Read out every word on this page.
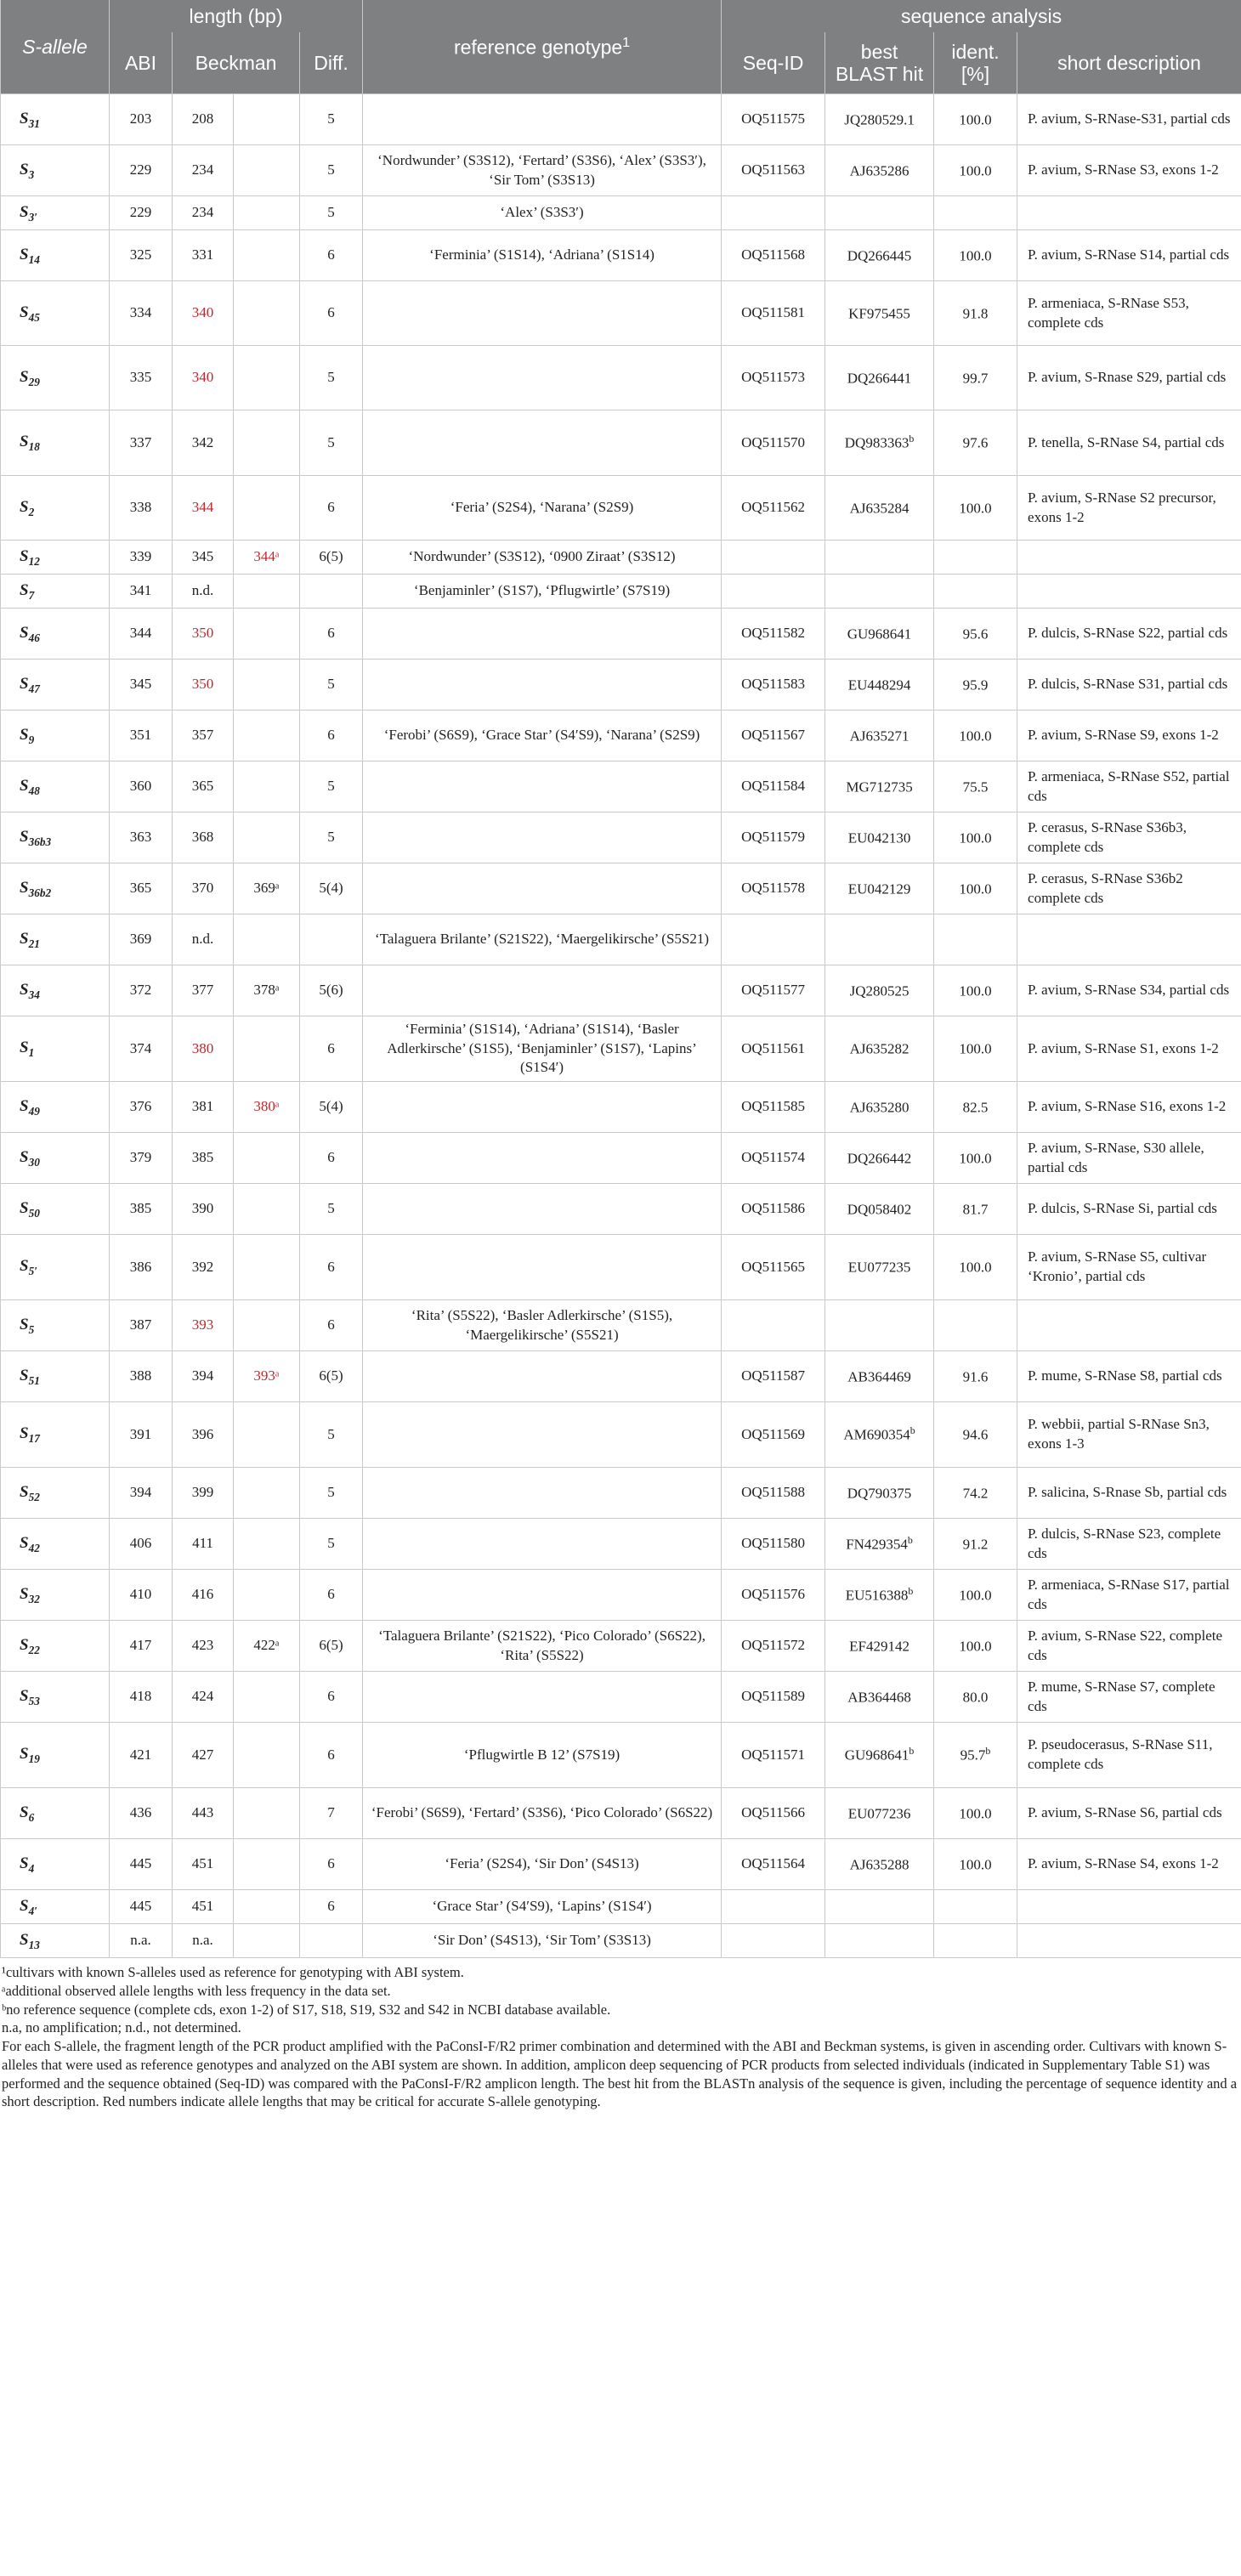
S-allele	length (bp)				reference genotype$^1$	sequence analysis			
	ABI	Beckman		Diff.		Seq-ID	best BLAST hit	ident. [%]	short description
$S_{31}$	203	208		5		OQ511575	JQ280529.1	100.0	P. avium, S-RNase-S31, partial cds
$S_3$	229	234		5	‘Nordwunder’ (S3S12), ‘Fertard’ (S3S6), ‘Alex’ (S3S3′), ‘Sir Tom’ (S3S13)	OQ511563	AJ635286	100.0	P. avium, S-RNase S3, exons 1-2
$S_{3'}$	229	234		5	‘Alex’ (S3S3′)				
$S_{14}$	325	331		6	‘Ferminia’ (S1S14), ‘Adriana’ (S1S14)	OQ511568	DQ266445	100.0	P. avium, S-RNase S14, partial cds
$S_{45}$	334	340		6		OQ511581	KF975455	91.8	P. armeniaca, S-RNase S53, complete cds
$S_{29}$	335	340		5		OQ511573	DQ266441	99.7	P. avium, S-Rnase S29, partial cds
$S_{18}$	337	342		5		OQ511570	DQ983363$^b$	97.6	P. tenella, S-RNase S4, partial cds
$S_2$	338	344		6	‘Feria’ (S2S4), ‘Narana’ (S2S9)	OQ511562	AJ635284	100.0	P. avium, S-RNase S2 precursor, exons 1-2
$S_{12}$	339	345	344ᵃ	6(5)	‘Nordwunder’ (S3S12), ‘0900 Ziraat’ (S3S12)				
$S_7$	341	n.d.			‘Benjaminler’ (S1S7), ‘Pflugwirtle’ (S7S19)				
$S_{46}$	344	350		6		OQ511582	GU968641	95.6	P. dulcis, S-RNase S22, partial cds
$S_{47}$	345	350		5		OQ511583	EU448294	95.9	P. dulcis, S-RNase S31, partial cds
$S_9$	351	357		6	‘Ferobi’ (S6S9), ‘Grace Star’ (S4′S9), ‘Narana’ (S2S9)	OQ511567	AJ635271	100.0	P. avium, S-RNase S9, exons 1-2
$S_{48}$	360	365		5		OQ511584	MG712735	75.5	P. armeniaca, S-RNase S52, partial cds
$S_{36b3}$	363	368		5		OQ511579	EU042130	100.0	P. cerasus, S-RNase S36b3, complete cds
$S_{36b2}$	365	370	369ᵃ	5(4)		OQ511578	EU042129	100.0	P. cerasus, S-RNase S36b2 complete cds
$S_{21}$	369	n.d.			‘Talaguera Brilante’ (S21S22), ‘Maergelikirsche’ (S5S21)				
$S_{34}$	372	377	378ᵃ	5(6)		OQ511577	JQ280525	100.0	P. avium, S-RNase S34, partial cds
$S_1$	374	380		6	‘Ferminia’ (S1S14), ‘Adriana’ (S1S14), ‘Basler Adlerkirsche’ (S1S5), ‘Benjaminler’ (S1S7), ‘Lapins’ (S1S4′)	OQ511561	AJ635282	100.0	P. avium, S-RNase S1, exons 1-2
$S_{49}$	376	381	380ᵃ	5(4)		OQ511585	AJ635280	82.5	P. avium, S-RNase S16, exons 1-2
$S_{30}$	379	385		6		OQ511574	DQ266442	100.0	P. avium, S-RNase, S30 allele, partial cds
$S_{50}$	385	390		5		OQ511586	DQ058402	81.7	P. dulcis, S-RNase Si, partial cds
$S_{5'}$	386	392		6		OQ511565	EU077235	100.0	P. avium, S-RNase S5, cultivar ‘Kronio’, partial cds
$S_5$	387	393		6	‘Rita’ (S5S22), ‘Basler Adlerkirsche’ (S1S5), ‘Maergelikirsche’ (S5S21)				
$S_{51}$	388	394	393ᵃ	6(5)		OQ511587	AB364469	91.6	P. mume, S-RNase S8, partial cds
$S_{17}$	391	396		5		OQ511569	AM690354$^b$	94.6	P. webbii, partial S-RNase Sn3, exons 1-3
$S_{52}$	394	399		5		OQ511588	DQ790375	74.2	P. salicina, S-Rnase Sb, partial cds
$S_{42}$	406	411		5		OQ511580	FN429354$^b$	91.2	P. dulcis, S-RNase S23, complete cds
$S_{32}$	410	416		6		OQ511576	EU516388$^b$	100.0	P. armeniaca, S-RNase S17, partial cds
$S_{22}$	417	423	422ᵃ	6(5)	‘Talaguera Brilante’ (S21S22), ‘Pico Colorado’ (S6S22), ‘Rita’ (S5S22)	OQ511572	EF429142	100.0	P. avium, S-RNase S22, complete cds
$S_{53}$	418	424		6		OQ511589	AB364468	80.0	P. mume, S-RNase S7, complete cds
$S_{19}$	421	427		6	‘Pflugwirtle B 12’ (S7S19)	OQ511571	GU968641$^b$	95.7$^b$	P. pseudocerasus, S-RNase S11, complete cds
$S_6$	436	443		7	‘Ferobi’ (S6S9), ‘Fertard’ (S3S6), ‘Pico Colorado’ (S6S22)	OQ511566	EU077236	100.0	P. avium, S-RNase S6, partial cds
$S_4$	445	451		6	‘Feria’ (S2S4), ‘Sir Don’ (S4S13)	OQ511564	AJ635288	100.0	P. avium, S-RNase S4, exons 1-2
$S_{4'}$	445	451		6	‘Grace Star’ (S4′S9), ‘Lapins’ (S1S4′)				
$S_{13}$	n.a.	n.a.			‘Sir Don’ (S4S13), ‘Sir Tom’ (S3S13)				

¹cultivars with known S-alleles used as reference for genotyping with ABI system.

ᵃadditional observed allele lengths with less frequency in the data set.

ᵇno reference sequence (complete cds, exon 1-2) of S17, S18, S19, S32 and S42 in NCBI database available.

n.a, no amplification; n.d., not determined.

For each S-allele, the fragment length of the PCR product amplified with the PaConsI-F/R2 primer combination and determined with the ABI and Beckman systems, is given in ascending order. Cultivars with known S-alleles that were used as reference genotypes and analyzed on the ABI system are shown. In addition, amplicon deep sequencing of PCR products from selected individuals (indicated in Supplementary Table S1) was performed and the sequence obtained (Seq-ID) was compared with the PaConsI-F/R2 amplicon length. The best hit from the BLASTn analysis of the sequence is given, including the percentage of sequence identity and a short description. Red numbers indicate allele lengths that may be critical for accurate S-allele genotyping.
